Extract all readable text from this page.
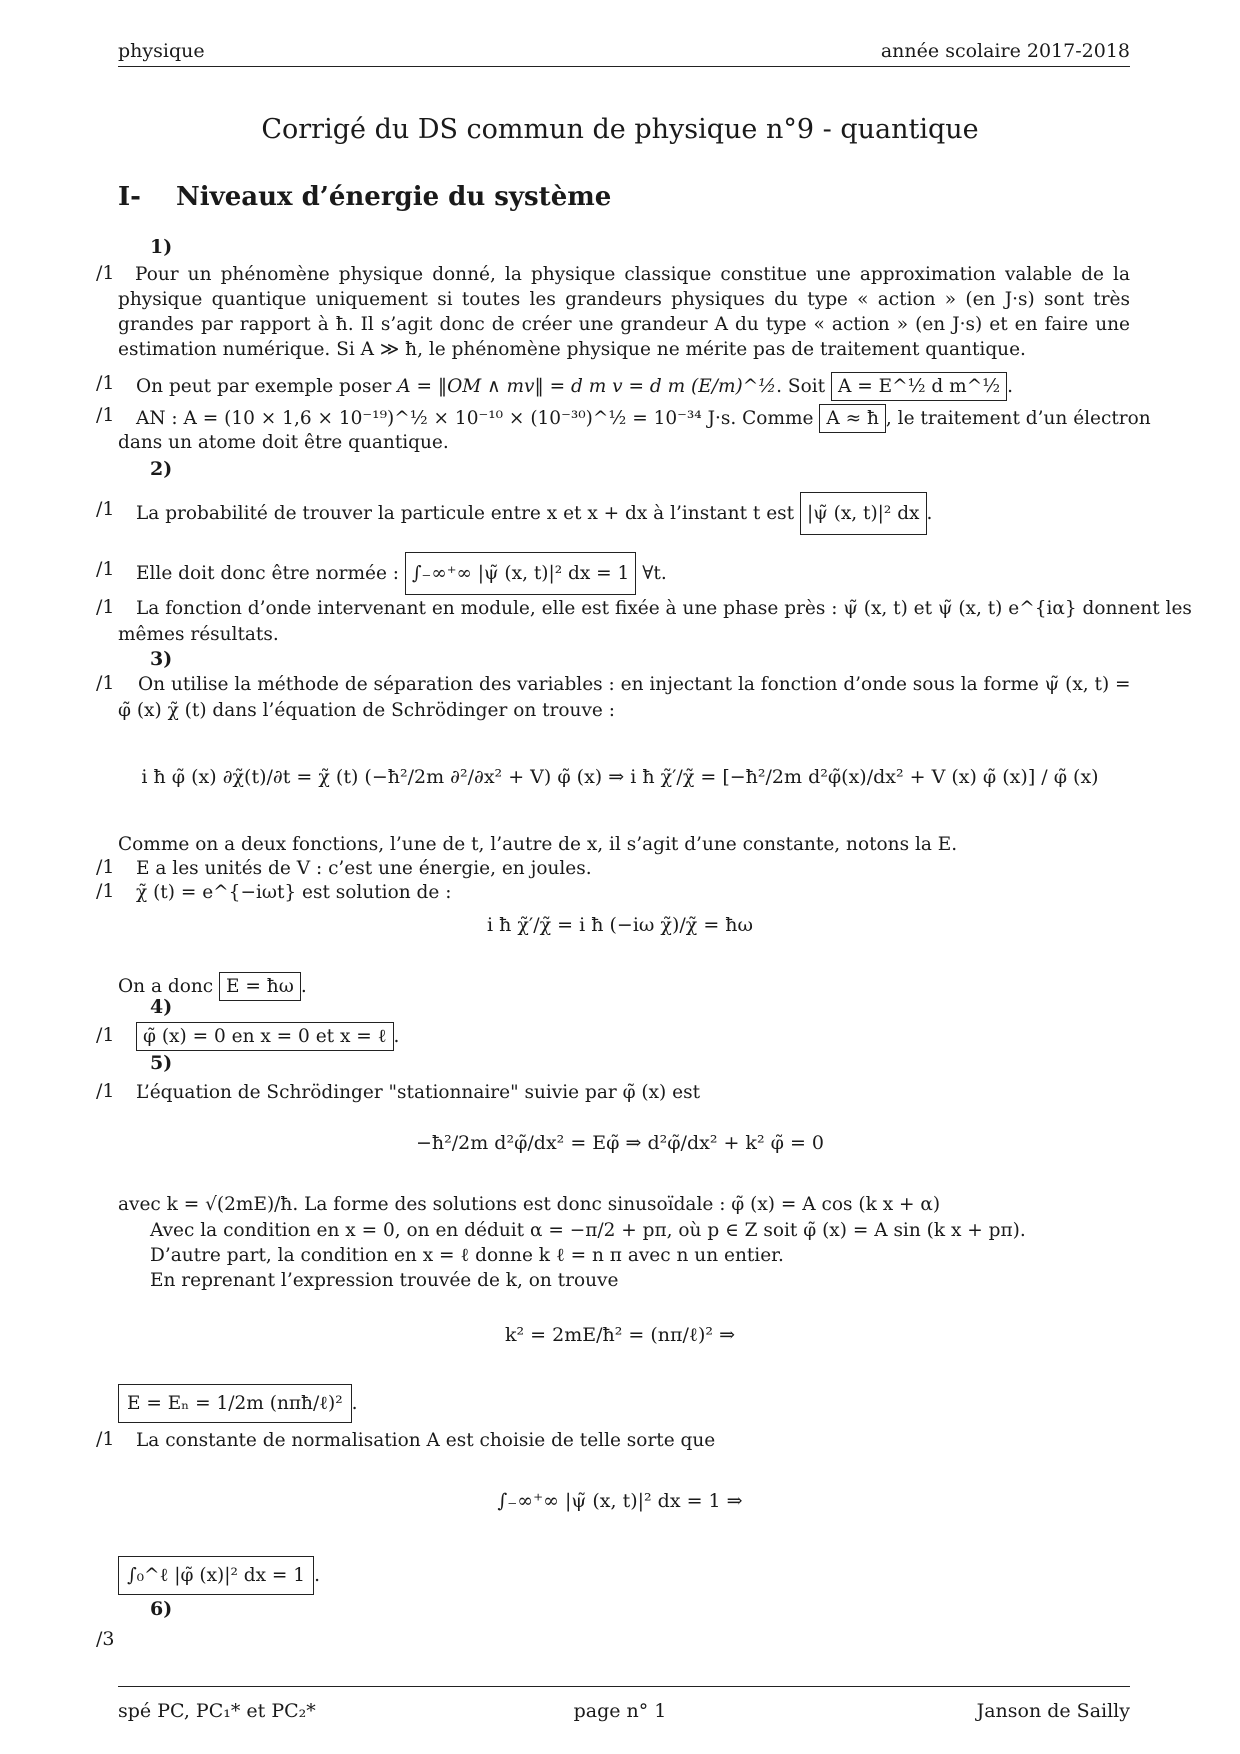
physique	année scolaire 2017-2018
Corrigé du DS commun de physique n°9 - quantique
I- Niveaux d’énergie du système
1)
/1	Pour un phénomène physique donné, la physique classique constitue une approximation valable de la physique quantique uniquement si toutes les grandeurs physiques du type « action » (en J·s) sont très grandes par rapport à ħ. Il s’agit donc de créer une grandeur A du type « action » (en J·s) et en faire une estimation numérique. Si A ≫ ħ, le phénomène physique ne mérite pas de traitement quantique.
/1 On peut par exemple poser A = ‖OM ∧ mv‖ = d m v = d m (E/m)^½. Soit A = E^½ d m^½ .
/1 AN : A = (10 × 1,6 × 10⁻¹⁹)^½ × 10⁻¹⁰ × (10⁻³⁰)^½ = 10⁻³⁴ J·s. Comme A ≈ ħ , le traitement d’un électron
dans un atome doit être quantique.
2)
/1 La probabilité de trouver la particule entre x et x + dx à l’instant t est |ψ̃ (x, t)|² dx .
/1 Elle doit donc être normée : ∫₋∞⁺∞ |ψ̃ (x, t)|² dx = 1 ∀t.
/1 La fonction d’onde intervenant en module, elle est fixée à une phase près : ψ̃ (x, t) et ψ̃ (x, t) e^{iα} donnent les
mêmes résultats.
3)
/1 On utilise la méthode de séparation des variables : en injectant la fonction d’onde sous la forme ψ̃ (x, t) =
φ̃ (x) χ̃ (t) dans l’équation de Schrödinger on trouve :
i ħ φ̃ (x) ∂χ̃(t)/∂t = χ̃ (t) (−ħ²/2m ∂²/∂x² + V) φ̃ (x) ⇒ i ħ χ̃′/χ̃ = [−ħ²/2m d²φ̃(x)/dx² + V (x) φ̃ (x)] / φ̃ (x)
Comme on a deux fonctions, l’une de t, l’autre de x, il s’agit d’une constante, notons la E.
/1 E a les unités de V : c’est une énergie, en joules.
/1 χ̃ (t) = e^{−iωt} est solution de :
i ħ χ̃′/χ̃ = i ħ (−iω χ̃)/χ̃ = ħω
On a donc E = ħω .
4)
/1	φ̃ (x) = 0 en x = 0 et x = ℓ .
5)
/1 L’équation de Schrödinger "stationnaire" suivie par φ̃ (x) est
−ħ²/2m d²φ̃/dx² = Eφ̃ ⇒ d²φ̃/dx² + k² φ̃ = 0
avec k = √(2mE)/ħ. La forme des solutions est donc sinusoïdale : φ̃ (x) = A cos (k x + α)
Avec la condition en x = 0, on en déduit α = −π/2 + pπ, où p ∈ Z soit φ̃ (x) = A sin (k x + pπ).
D’autre part, la condition en x = ℓ donne k ℓ = n π avec n un entier.
En reprenant l’expression trouvée de k, on trouve
k² = 2mE/ħ² = (nπ/ℓ)² ⇒
E = Eₙ = 1/2m (nπħ/ℓ)² .
/1 La constante de normalisation A est choisie de telle sorte que
∫₋∞⁺∞ |ψ̃ (x, t)|² dx = 1 ⇒
∫₀^ℓ |φ̃ (x)|² dx = 1 .
6)
/3
spé PC, PC₁* et PC₂*	page n° 1	Janson de Sailly
